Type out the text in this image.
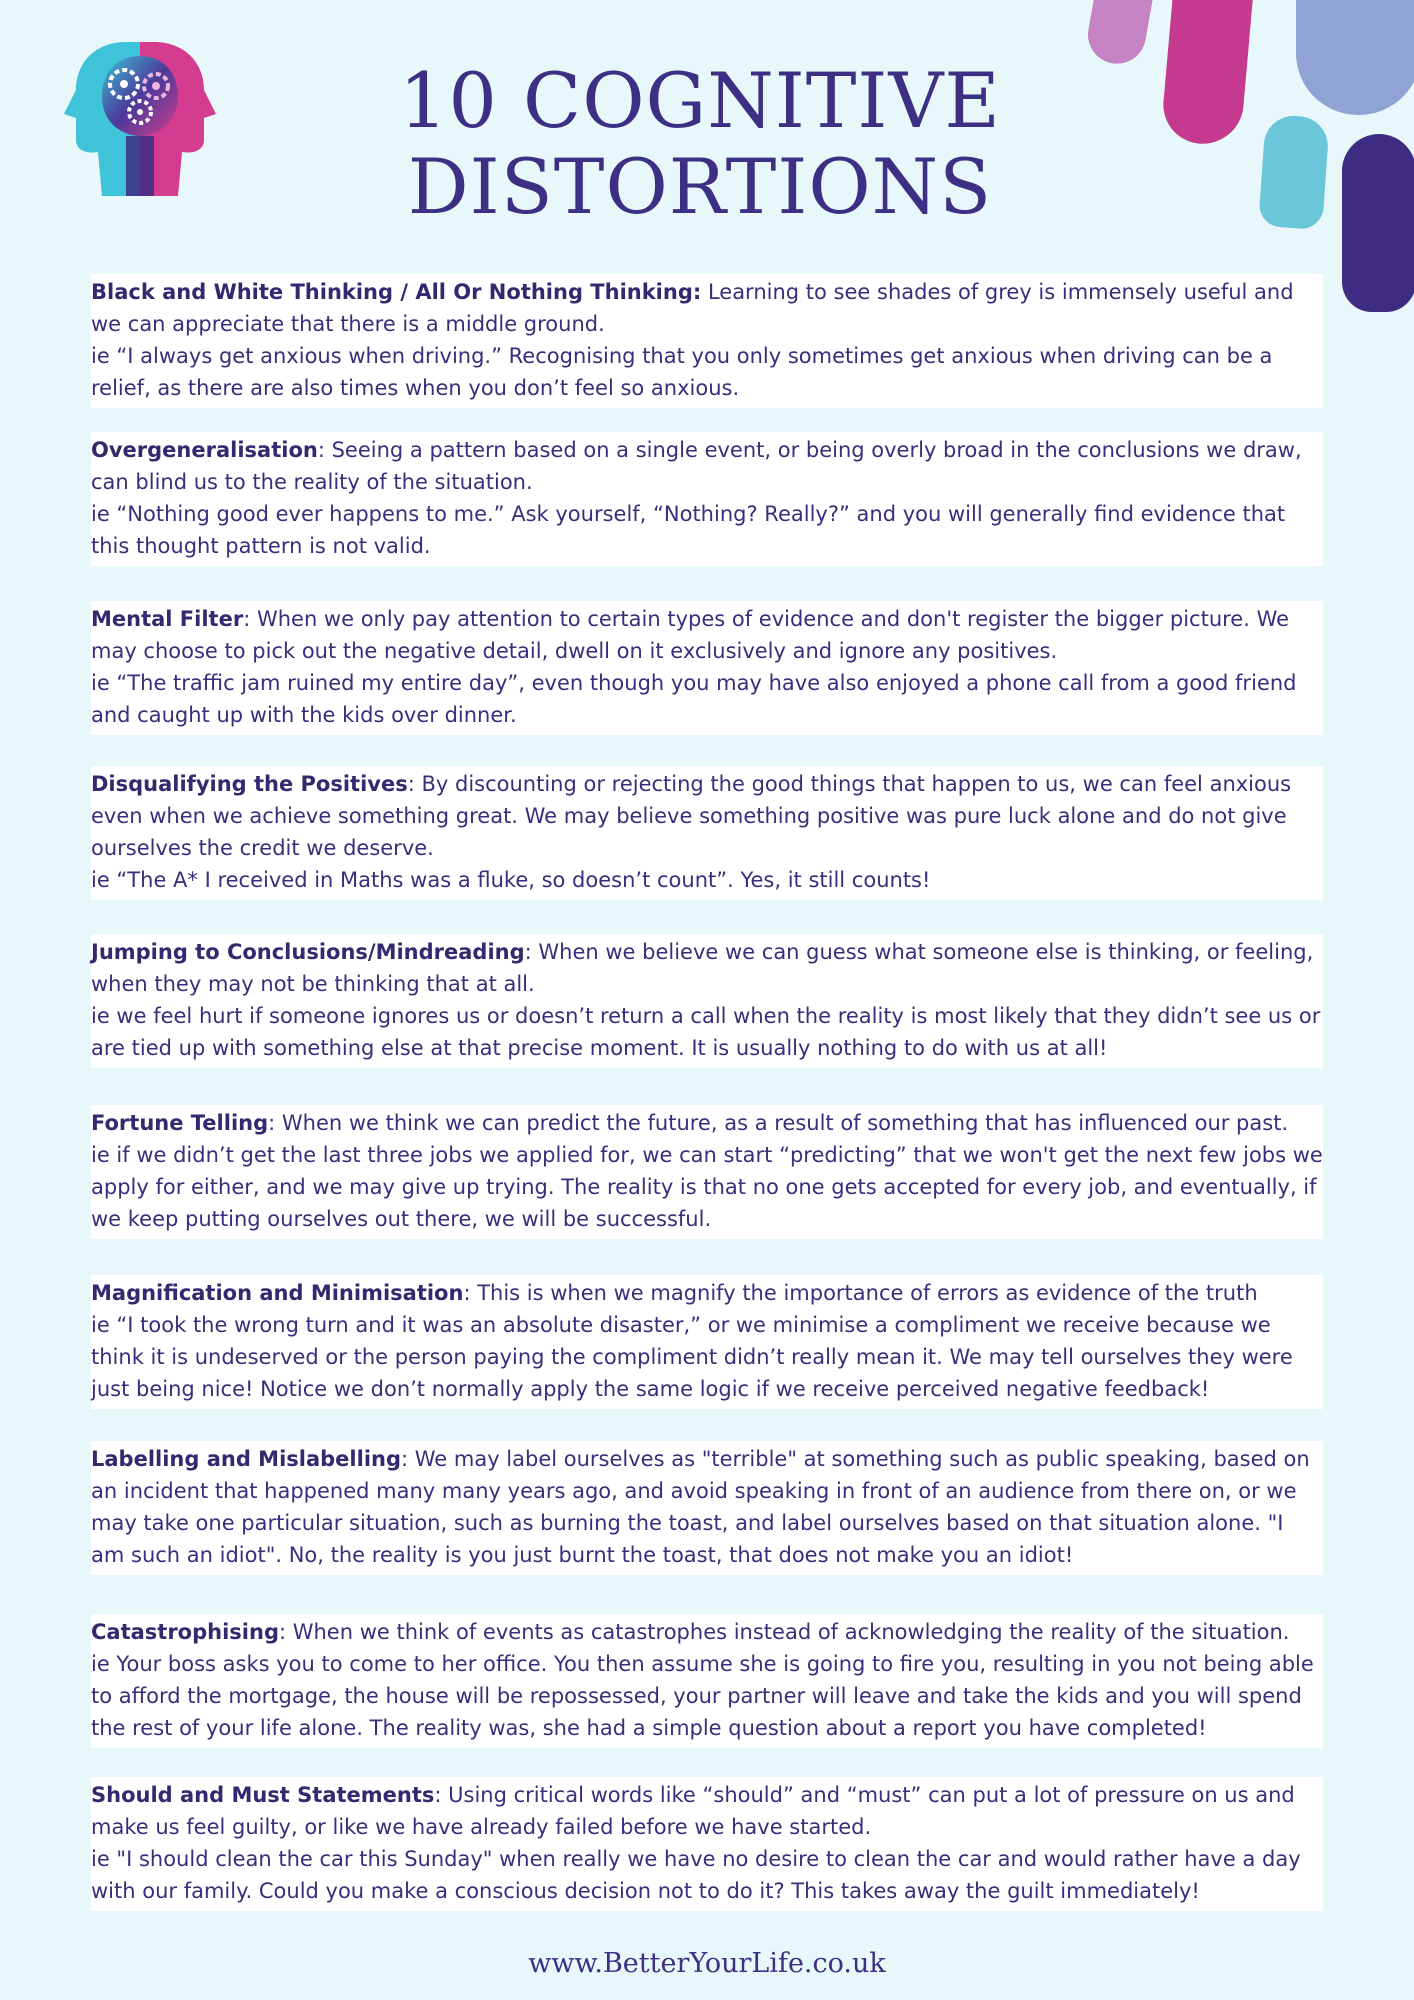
10 COGNITIVE
DISTORTIONS

Black and White Thinking / All Or Nothing Thinking: Learning to see shades of grey is immensely useful and we can appreciate that there is a middle ground.

ie “I always get anxious when driving.” Recognising that you only sometimes get anxious when driving can be a relief, as there are also times when you don’t feel so anxious.

Overgeneralisation: Seeing a pattern based on a single event, or being overly broad in the conclusions we draw, can blind us to the reality of the situation.

ie “Nothing good ever happens to me.” Ask yourself, “Nothing? Really?” and you will generally find evidence that this thought pattern is not valid.

Mental Filter: When we only pay attention to certain types of evidence and don't register the bigger picture. We may choose to pick out the negative detail, dwell on it exclusively and ignore any positives.

ie “The traffic jam ruined my entire day”, even though you may have also enjoyed a phone call from a good friend and caught up with the kids over dinner.

Disqualifying the Positives: By discounting or rejecting the good things that happen to us, we can feel anxious even when we achieve something great. We may believe something positive was pure luck alone and do not give ourselves the credit we deserve.

ie “The A* I received in Maths was a fluke, so doesn’t count”. Yes, it still counts!

Jumping to Conclusions/Mindreading: When we believe we can guess what someone else is thinking, or feeling, when they may not be thinking that at all.

ie we feel hurt if someone ignores us or doesn’t return a call when the reality is most likely that they didn’t see us or are tied up with something else at that precise moment. It is usually nothing to do with us at all!

Fortune Telling: When we think we can predict the future, as a result of something that has influenced our past.

ie if we didn’t get the last three jobs we applied for, we can start “predicting” that we won't get the next few jobs we apply for either, and we may give up trying. The reality is that no one gets accepted for every job, and eventually, if we keep putting ourselves out there, we will be successful.

Magnification and Minimisation: This is when we magnify the importance of errors as evidence of the truth

ie “I took the wrong turn and it was an absolute disaster,” or we minimise a compliment we receive because we think it is undeserved or the person paying the compliment didn’t really mean it. We may tell ourselves they were just being nice! Notice we don’t normally apply the same logic if we receive perceived negative feedback!

Labelling and Mislabelling: We may label ourselves as "terrible" at something such as public speaking, based on an incident that happened many many years ago, and avoid speaking in front of an audience from there on, or we may take one particular situation, such as burning the toast, and label ourselves based on that situation alone. "I am such an idiot". No, the reality is you just burnt the toast, that does not make you an idiot!

Catastrophising: When we think of events as catastrophes instead of acknowledging the reality of the situation.

ie Your boss asks you to come to her office. You then assume she is going to fire you, resulting in you not being able to afford the mortgage, the house will be repossessed, your partner will leave and take the kids and you will spend the rest of your life alone. The reality was, she had a simple question about a report you have completed!

Should and Must Statements: Using critical words like “should” and “must” can put a lot of pressure on us and make us feel guilty, or like we have already failed before we have started.

ie "I should clean the car this Sunday" when really we have no desire to clean the car and would rather have a day with our family. Could you make a conscious decision not to do it? This takes away the guilt immediately!

www.BetterYourLife.co.uk
